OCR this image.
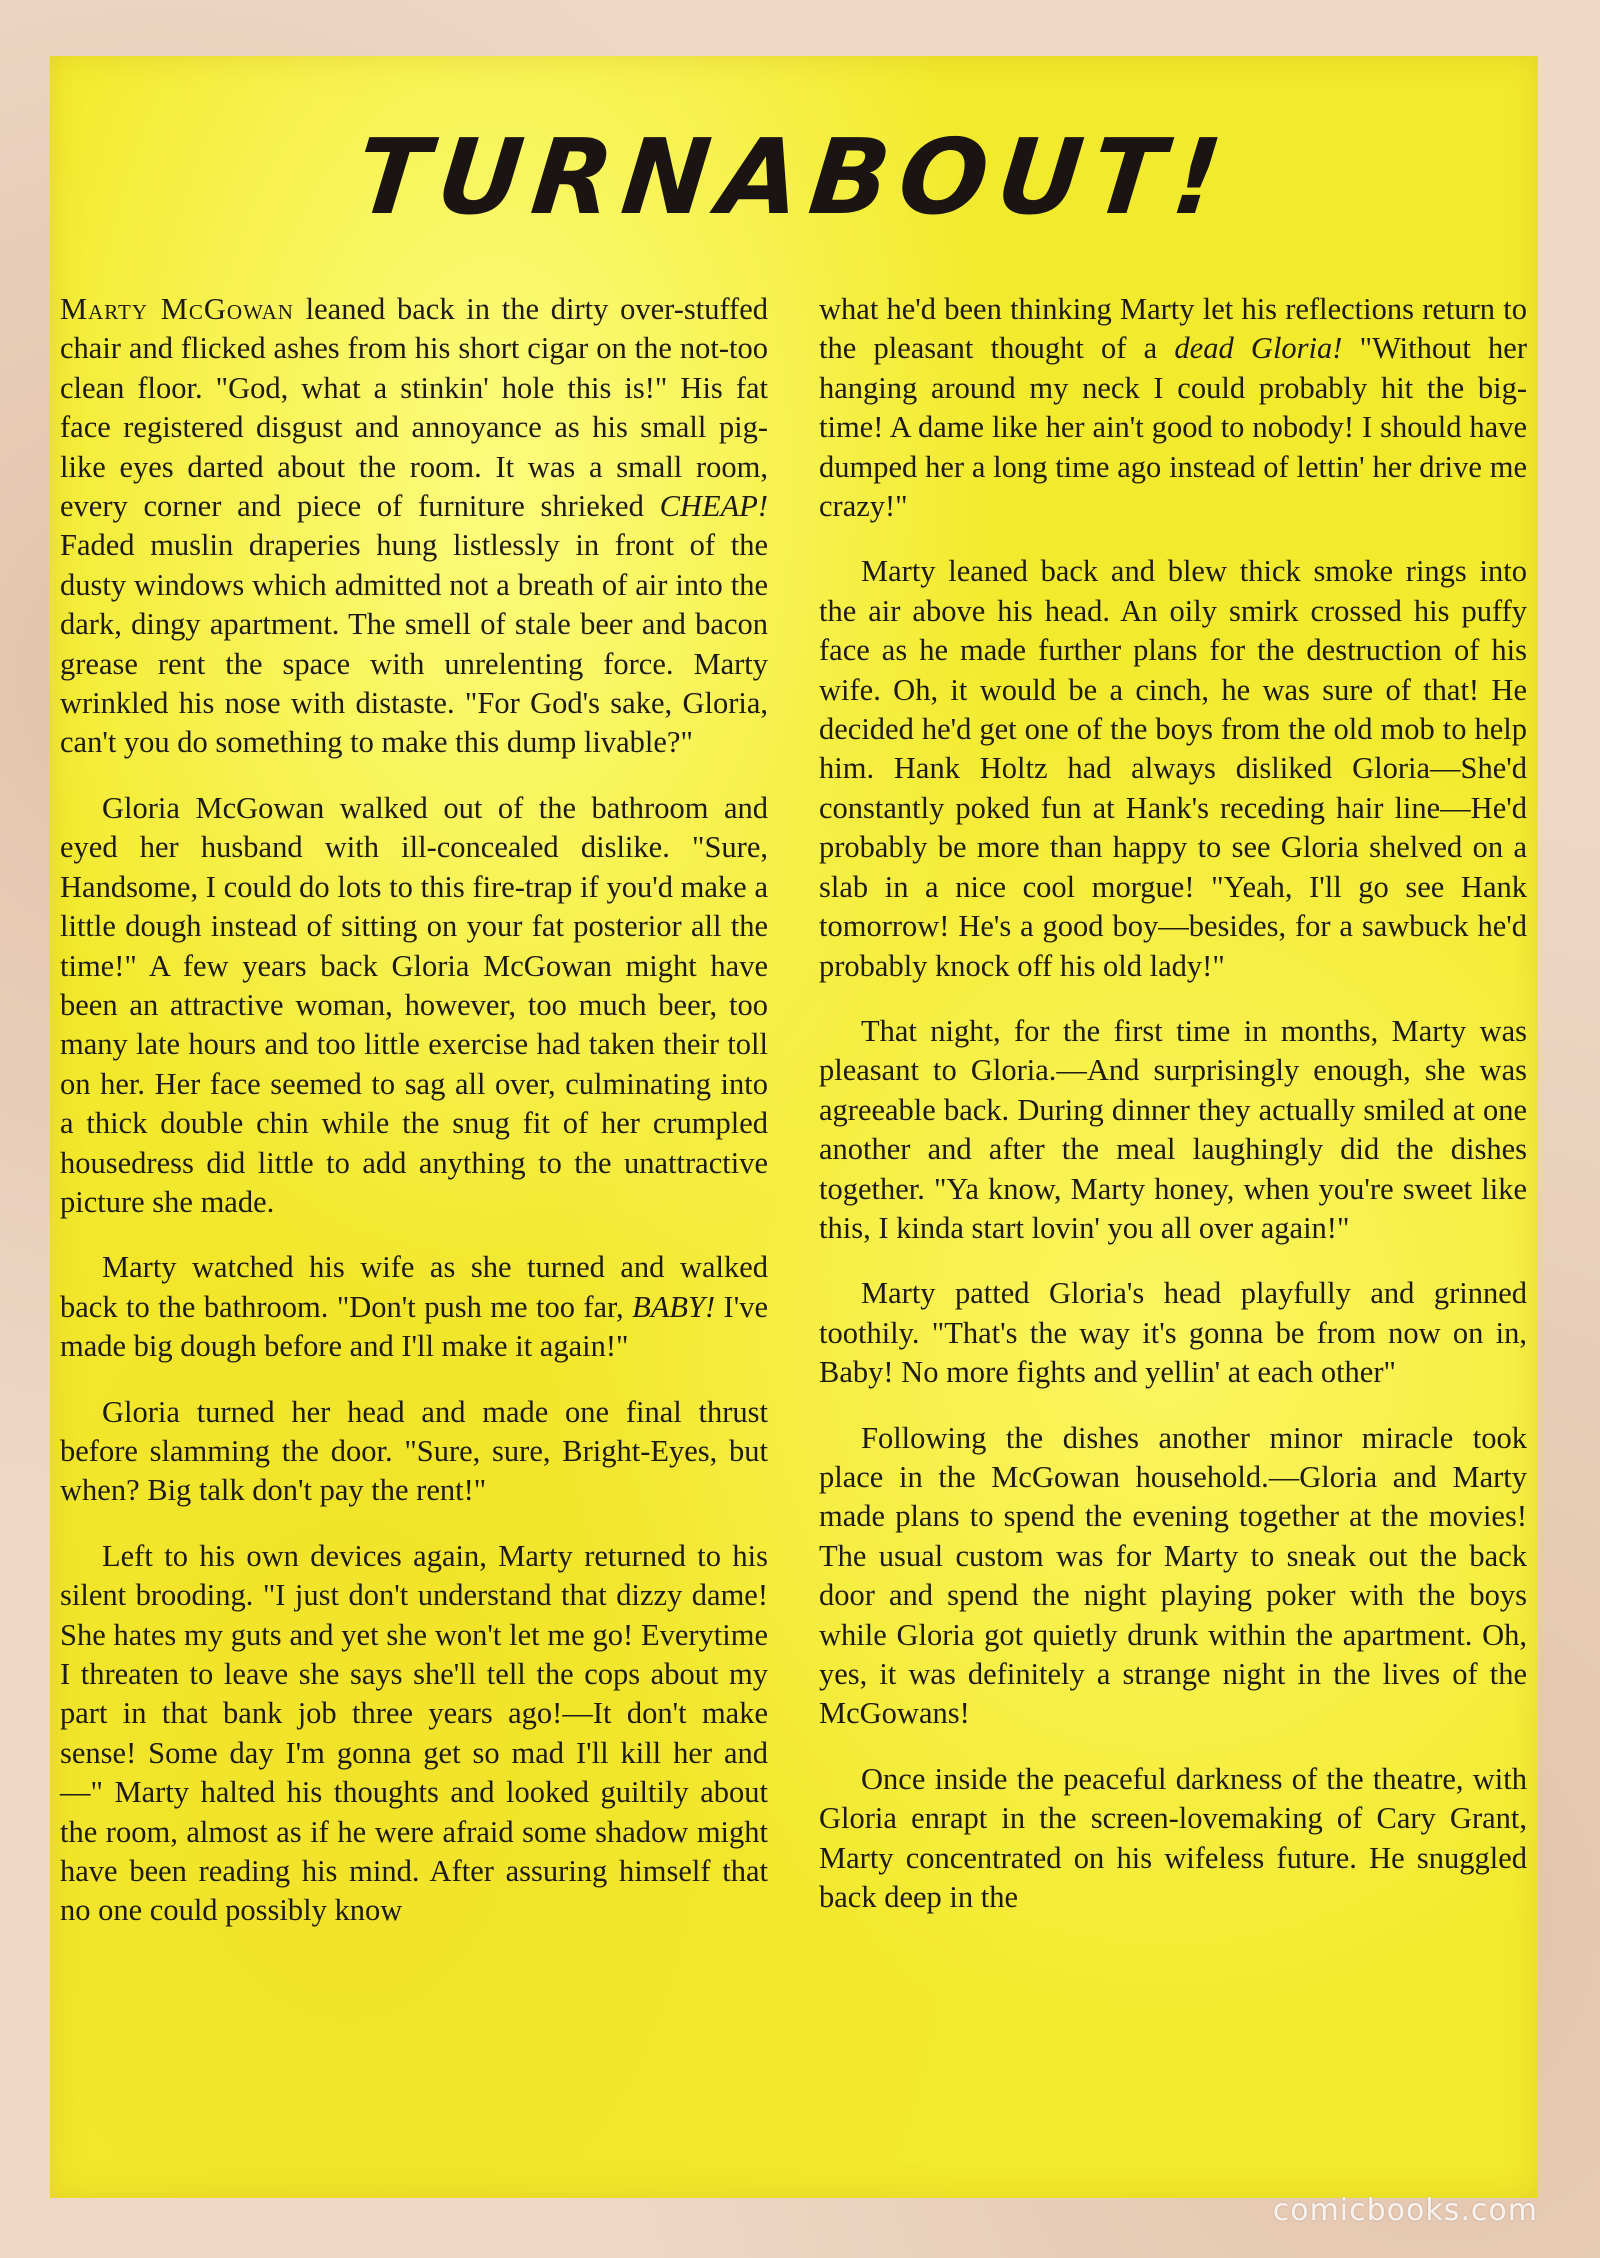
TURNABOUT!

Marty McGowan leaned back in the dirty over-stuffed chair and flicked ashes from his short cigar on the not-too clean floor. "God, what a stinkin' hole this is!" His fat face registered disgust and annoyance as his small pig-like eyes darted about the room. It was a small room, every corner and piece of furniture shrieked CHEAP! Faded muslin draperies hung listlessly in front of the dusty windows which admitted not a breath of air into the dark, dingy apartment. The smell of stale beer and bacon grease rent the space with unrelenting force. Marty wrinkled his nose with distaste. "For God's sake, Gloria, can't you do something to make this dump livable?"

Gloria McGowan walked out of the bathroom and eyed her husband with ill-concealed dislike. "Sure, Handsome, I could do lots to this fire-trap if you'd make a little dough instead of sitting on your fat posterior all the time!" A few years back Gloria McGowan might have been an attractive woman, however, too much beer, too many late hours and too little exercise had taken their toll on her. Her face seemed to sag all over, culminating into a thick double chin while the snug fit of her crumpled housedress did little to add anything to the unattractive picture she made.

Marty watched his wife as she turned and walked back to the bathroom. "Don't push me too far, BABY! I've made big dough before and I'll make it again!"

Gloria turned her head and made one final thrust before slamming the door. "Sure, sure, Bright-Eyes, but when? Big talk don't pay the rent!"

Left to his own devices again, Marty returned to his silent brooding. "I just don't understand that dizzy dame! She hates my guts and yet she won't let me go! Everytime I threaten to leave she says she'll tell the cops about my part in that bank job three years ago!—It don't make sense! Some day I'm gonna get so mad I'll kill her and —" Marty halted his thoughts and looked guiltily about the room, almost as if he were afraid some shadow might have been reading his mind. After assuring himself that no one could possibly know

what he'd been thinking Marty let his reflections return to the pleasant thought of a dead Gloria! "Without her hanging around my neck I could probably hit the big-time! A dame like her ain't good to nobody! I should have dumped her a long time ago instead of lettin' her drive me crazy!"

Marty leaned back and blew thick smoke rings into the air above his head. An oily smirk crossed his puffy face as he made further plans for the destruction of his wife. Oh, it would be a cinch, he was sure of that! He decided he'd get one of the boys from the old mob to help him. Hank Holtz had always disliked Gloria—She'd constantly poked fun at Hank's receding hair line—He'd probably be more than happy to see Gloria shelved on a slab in a nice cool morgue! "Yeah, I'll go see Hank tomorrow! He's a good boy—besides, for a sawbuck he'd probably knock off his old lady!"

That night, for the first time in months, Marty was pleasant to Gloria.—And surprisingly enough, she was agreeable back. During dinner they actually smiled at one another and after the meal laughingly did the dishes together. "Ya know, Marty honey, when you're sweet like this, I kinda start lovin' you all over again!"

Marty patted Gloria's head playfully and grinned toothily. "That's the way it's gonna be from now on in, Baby! No more fights and yellin' at each other"

Following the dishes another minor miracle took place in the McGowan household.—Gloria and Marty made plans to spend the evening together at the movies! The usual custom was for Marty to sneak out the back door and spend the night playing poker with the boys while Gloria got quietly drunk within the apartment. Oh, yes, it was definitely a strange night in the lives of the McGowans!

Once inside the peaceful darkness of the theatre, with Gloria enrapt in the screen-lovemaking of Cary Grant, Marty concentrated on his wifeless future. He snuggled back deep in the

comicbooks.com
